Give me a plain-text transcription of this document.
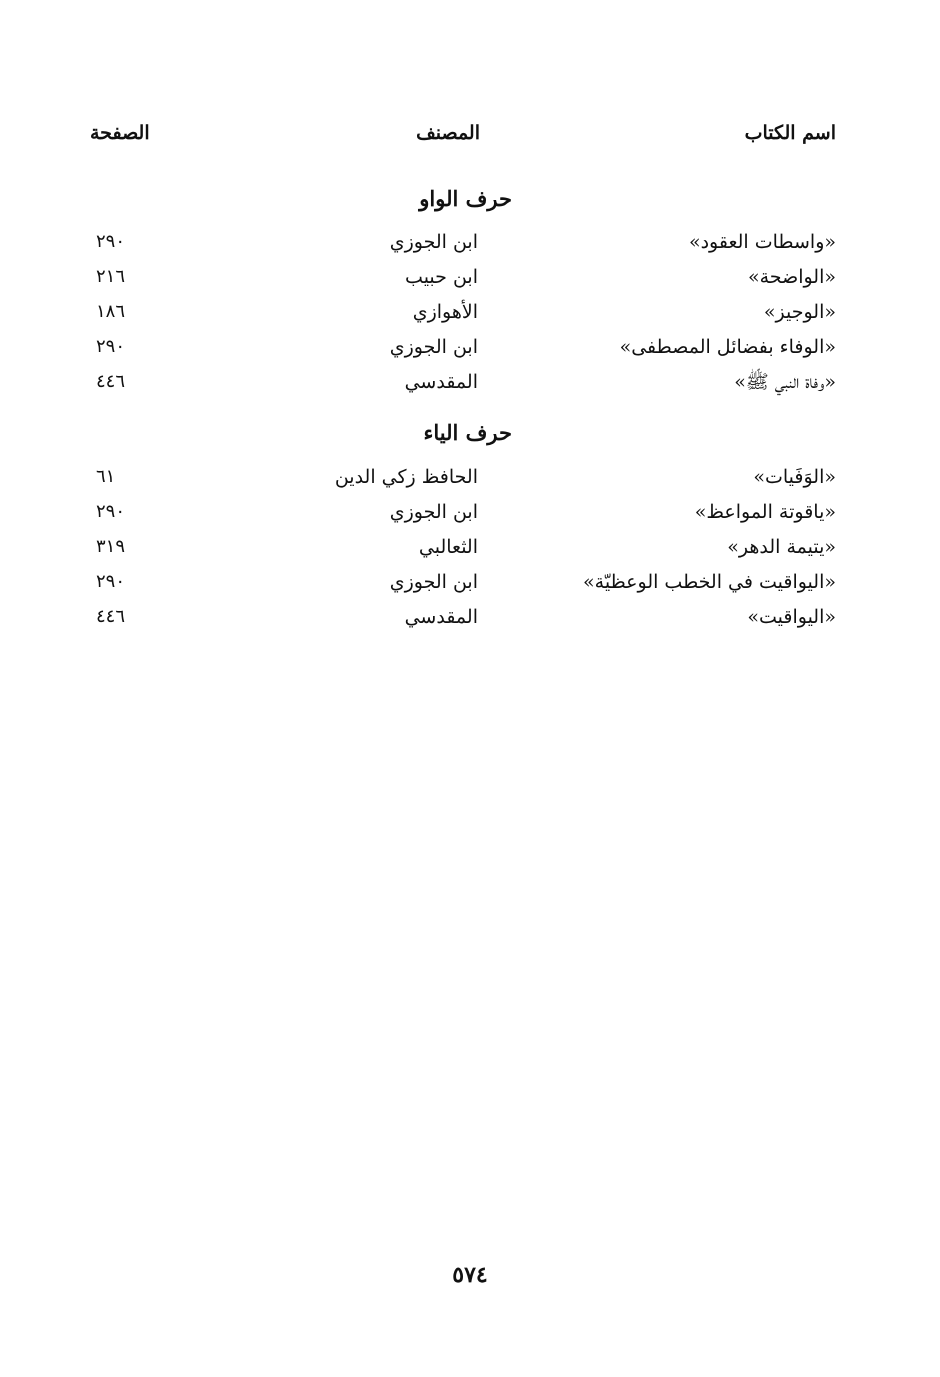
اسم الكتاب
المصنف
الصفحة
حرف الواو
«واسطات العقود»
ابن الجوزي
٢٩٠
«الواضحة»
ابن حبيب
٢١٦
«الوجيز»
الأهوازي
١٨٦
«الوفاء بفضائل المصطفى»
ابن الجوزي
٢٩٠
«وفاة النبي ﷺ»
المقدسي
٤٤٦
حرف الياء
«الوَفَيات»
الحافظ زكي الدين
٦١
«ياقوتة المواعظ»
ابن الجوزي
٢٩٠
«يتيمة الدهر»
الثعالبي
٣١٩
«اليواقيت في الخطب الوعظيّة»
ابن الجوزي
٢٩٠
«اليواقيت»
المقدسي
٤٤٦
٥٧٤
